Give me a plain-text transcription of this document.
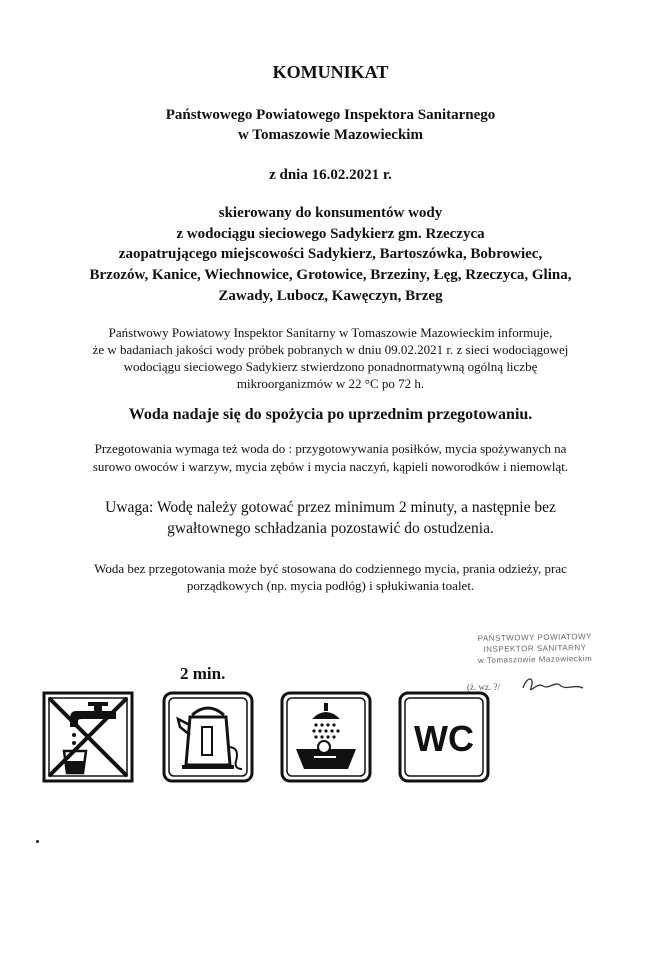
KOMUNIKAT
Państwowego Powiatowego Inspektora Sanitarnego
w Tomaszowie Mazowieckim
z dnia 16.02.2021 r.
skierowany do konsumentów wody
z wodociągu sieciowego Sadykierz gm. Rzeczyca
zaopatrującego miejscowości Sadykierz, Bartoszówka, Bobrowiec,
Brzozów, Kanice, Wiechnowice, Grotowice, Brzeziny, Łęg, Rzeczyca, Glina,
Zawady, Lubocz, Kawęczyn, Brzeg
Państwowy Powiatowy Inspektor Sanitarny w Tomaszowie Mazowieckim informuje,
że w badaniach jakości wody próbek pobranych w dniu 09.02.2021 r. z sieci wodociągowej
wodociągu sieciowego Sadykierz stwierdzono ponadnormatywną ogólną liczbę
mikroorganizmów w 22 °C po 72 h.
Woda nadaje się do spożycia po uprzednim przegotowaniu.
Przegotowania wymaga też woda do : przygotowywania posiłków, mycia spożywanych na
surowo owoców i warzyw, mycia zębów i mycia naczyń, kąpieli noworodków i niemowląt.
Uwaga: Wodę należy gotować przez minimum 2 minuty, a następnie bez
gwałtownego schładzania pozostawić do ostudzenia.
Woda bez przegotowania może być stosowana do codziennego mycia, prania odzieży, prac
porządkowych (np. mycia podłóg) i spłukiwania toalet.
PAŃSTWOWY POWIATOWY
INSPEKTOR SANITARNY
w Tomaszowie Mazowieckim
(ż. wz. ?/
2 min.
WC
